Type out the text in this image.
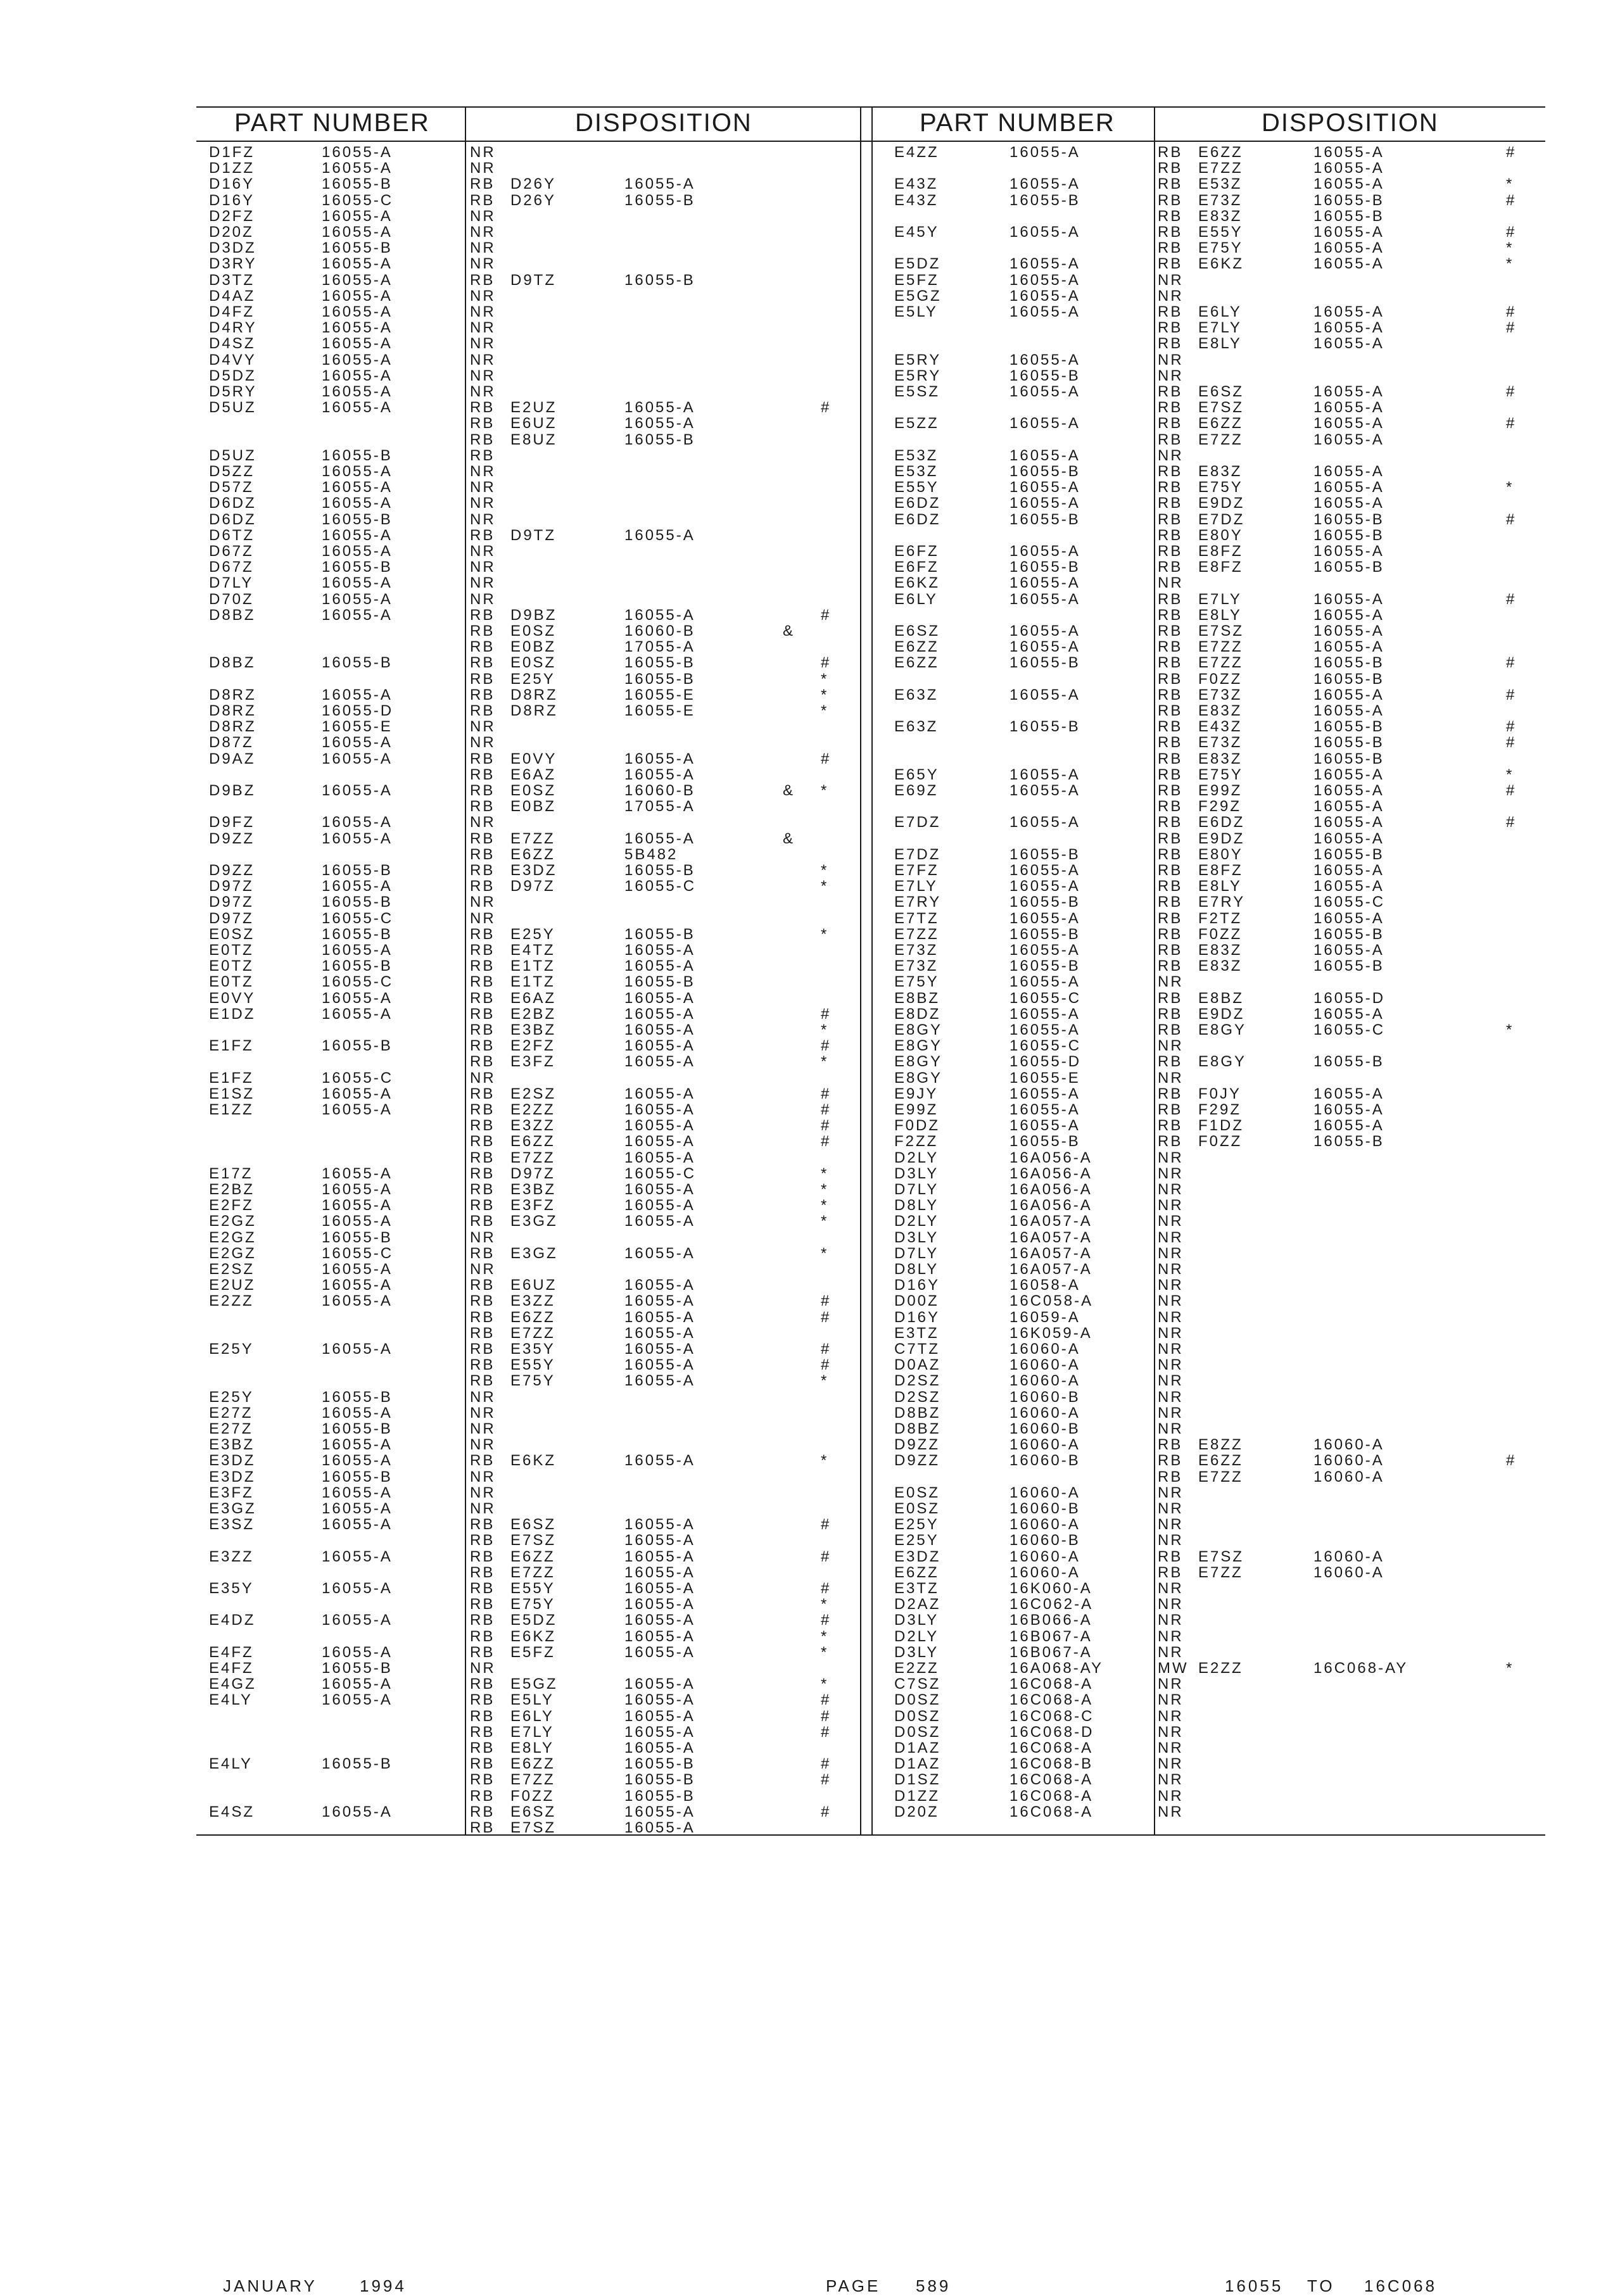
PART NUMBER	DISPOSITION	PART NUMBER	DISPOSITION
D1FZ	16055-A	NR
D1ZZ	16055-A	NR
D16Y	16055-B	RB D26Y	16055-A
D16Y	16055-C	RB D26Y	16055-B
D2FZ	16055-A	NR
D20Z	16055-A	NR
D3DZ	16055-B	NR
D3RY	16055-A	NR
D3TZ	16055-A	RB D9TZ	16055-B
D4AZ	16055-A	NR
D4FZ	16055-A	NR
D4RY	16055-A	NR
D4SZ	16055-A	NR
D4VY	16055-A	NR
D5DZ	16055-A	NR
D5RY	16055-A	NR
D5UZ	16055-A	RB E2UZ	16055-A	#
RB E6UZ	16055-A
RB E8UZ	16055-B
D5UZ	16055-B	RB
D5ZZ	16055-A	NR
D57Z	16055-A	NR
D6DZ	16055-A	NR
D6DZ	16055-B	NR
D6TZ	16055-A	RB D9TZ	16055-A
D67Z	16055-A	NR
D67Z	16055-B	NR
D7LY	16055-A	NR
D70Z	16055-A	NR
D8BZ	16055-A	RB D9BZ	16055-A	#
RB E0SZ	16060-B	&
RB E0BZ	17055-A
D8BZ	16055-B	RB E0SZ	16055-B	#
RB E25Y	16055-B	*
D8RZ	16055-A	RB D8RZ	16055-E	*
D8RZ	16055-D	RB D8RZ	16055-E	*
D8RZ	16055-E	NR
D87Z	16055-A	NR
D9AZ	16055-A	RB E0VY	16055-A	#
RB E6AZ	16055-A
D9BZ	16055-A	RB E0SZ	16060-B	& *
RB E0BZ	17055-A
D9FZ	16055-A	NR
D9ZZ	16055-A	RB E7ZZ	16055-A	&
RB E6ZZ	5B482
D9ZZ	16055-B	RB E3DZ	16055-B	*
D97Z	16055-A	RB D97Z	16055-C	*
D97Z	16055-B	NR
D97Z	16055-C	NR
E0SZ	16055-B	RB E25Y	16055-B	*
E0TZ	16055-A	RB E4TZ	16055-A
E0TZ	16055-B	RB E1TZ	16055-A
E0TZ	16055-C	RB E1TZ	16055-B
E0VY	16055-A	RB E6AZ	16055-A
E1DZ	16055-A	RB E2BZ	16055-A	#
RB E3BZ	16055-A	*
E1FZ	16055-B	RB E2FZ	16055-A	#
RB E3FZ	16055-A	*
E1FZ	16055-C	NR
E1SZ	16055-A	RB E2SZ	16055-A	#
E1ZZ	16055-A	RB E2ZZ	16055-A	#
RB E3ZZ	16055-A	#
RB E6ZZ	16055-A	#
RB E7ZZ	16055-A
E17Z	16055-A	RB D97Z	16055-C	*
E2BZ	16055-A	RB E3BZ	16055-A	*
E2FZ	16055-A	RB E3FZ	16055-A	*
E2GZ	16055-A	RB E3GZ	16055-A	*
E2GZ	16055-B	NR
E2GZ	16055-C	RB E3GZ	16055-A	*
E2SZ	16055-A	NR
E2UZ	16055-A	RB E6UZ	16055-A
E2ZZ	16055-A	RB E3ZZ	16055-A	#
RB E6ZZ	16055-A	#
RB E7ZZ	16055-A
E25Y	16055-A	RB E35Y	16055-A	#
RB E55Y	16055-A	#
RB E75Y	16055-A	*
E25Y	16055-B	NR
E27Z	16055-A	NR
E27Z	16055-B	NR
E3BZ	16055-A	NR
E3DZ	16055-A	RB E6KZ	16055-A	*
E3DZ	16055-B	NR
E3FZ	16055-A	NR
E3GZ	16055-A	NR
E3SZ	16055-A	RB E6SZ	16055-A	#
RB E7SZ	16055-A
E3ZZ	16055-A	RB E6ZZ	16055-A	#
RB E7ZZ	16055-A
E35Y	16055-A	RB E55Y	16055-A	#
RB E75Y	16055-A	*
E4DZ	16055-A	RB E5DZ	16055-A	#
RB E6KZ	16055-A	*
E4FZ	16055-A	RB E5FZ	16055-A	*
E4FZ	16055-B	NR
E4GZ	16055-A	RB E5GZ	16055-A	*
E4LY	16055-A	RB E5LY	16055-A	#
RB E6LY	16055-A	#
RB E7LY	16055-A	#
RB E8LY	16055-A
E4LY	16055-B	RB E6ZZ	16055-B	#
RB E7ZZ	16055-B	#
RB F0ZZ	16055-B
E4SZ	16055-A	RB E6SZ	16055-A	#
RB E7SZ	16055-A
E4ZZ	16055-A	RB E6ZZ	16055-A	#
RB E7ZZ	16055-A
E43Z	16055-A	RB E53Z	16055-A	*
E43Z	16055-B	RB E73Z	16055-B	#
RB E83Z	16055-B
E45Y	16055-A	RB E55Y	16055-A	#
RB E75Y	16055-A	*
E5DZ	16055-A	RB E6KZ	16055-A	*
E5FZ	16055-A	NR
E5GZ	16055-A	NR
E5LY	16055-A	RB E6LY	16055-A	#
RB E7LY	16055-A	#
RB E8LY	16055-A
E5RY	16055-A	NR
E5RY	16055-B	NR
E5SZ	16055-A	RB E6SZ	16055-A	#
RB E7SZ	16055-A
E5ZZ	16055-A	RB E6ZZ	16055-A	#
RB E7ZZ	16055-A
E53Z	16055-A	NR
E53Z	16055-B	RB E83Z	16055-A
E55Y	16055-A	RB E75Y	16055-A	*
E6DZ	16055-A	RB E9DZ	16055-A
E6DZ	16055-B	RB E7DZ	16055-B	#
RB E80Y	16055-B
E6FZ	16055-A	RB E8FZ	16055-A
E6FZ	16055-B	RB E8FZ	16055-B
E6KZ	16055-A	NR
E6LY	16055-A	RB E7LY	16055-A	#
RB E8LY	16055-A
E6SZ	16055-A	RB E7SZ	16055-A
E6ZZ	16055-A	RB E7ZZ	16055-A
E6ZZ	16055-B	RB E7ZZ	16055-B	#
RB F0ZZ	16055-B
E63Z	16055-A	RB E73Z	16055-A	#
RB E83Z	16055-A
E63Z	16055-B	RB E43Z	16055-B	#
RB E73Z	16055-B	#
RB E83Z	16055-B
E65Y	16055-A	RB E75Y	16055-A	*
E69Z	16055-A	RB E99Z	16055-A	#
RB F29Z	16055-A
E7DZ	16055-A	RB E6DZ	16055-A	#
RB E9DZ	16055-A
E7DZ	16055-B	RB E80Y	16055-B
E7FZ	16055-A	RB E8FZ	16055-A
E7LY	16055-A	RB E8LY	16055-A
E7RY	16055-B	RB E7RY	16055-C
E7TZ	16055-A	RB F2TZ	16055-A
E7ZZ	16055-B	RB F0ZZ	16055-B
E73Z	16055-A	RB E83Z	16055-A
E73Z	16055-B	RB E83Z	16055-B
E75Y	16055-A	NR
E8BZ	16055-C	RB E8BZ	16055-D
E8DZ	16055-A	RB E9DZ	16055-A
E8GY	16055-A	RB E8GY	16055-C	*
E8GY	16055-C	NR
E8GY	16055-D	RB E8GY	16055-B
E8GY	16055-E	NR
E9JY	16055-A	RB F0JY	16055-A
E99Z	16055-A	RB F29Z	16055-A
F0DZ	16055-A	RB F1DZ	16055-A
F2ZZ	16055-B	RB F0ZZ	16055-B
D2LY	16A056-A	NR
D3LY	16A056-A	NR
D7LY	16A056-A	NR
D8LY	16A056-A	NR
D2LY	16A057-A	NR
D3LY	16A057-A	NR
D7LY	16A057-A	NR
D8LY	16A057-A	NR
D16Y	16058-A	NR
D00Z	16C058-A	NR
D16Y	16059-A	NR
E3TZ	16K059-A	NR
C7TZ	16060-A	NR
D0AZ	16060-A	NR
D2SZ	16060-A	NR
D2SZ	16060-B	NR
D8BZ	16060-A	NR
D8BZ	16060-B	NR
D9ZZ	16060-A	RB E8ZZ	16060-A
D9ZZ	16060-B	RB E6ZZ	16060-A	#
RB E7ZZ	16060-A
E0SZ	16060-A	NR
E0SZ	16060-B	NR
E25Y	16060-A	NR
E25Y	16060-B	NR
E3DZ	16060-A	RB E7SZ	16060-A
E6ZZ	16060-A	RB E7ZZ	16060-A
E3TZ	16K060-A	NR
D2AZ	16C062-A	NR
D3LY	16B066-A	NR
D2LY	16B067-A	NR
D3LY	16B067-A	NR
E2ZZ	16A068-AY	MW E2ZZ	16C068-AY	*
C7SZ	16C068-A	NR
D0SZ	16C068-A	NR
D0SZ	16C068-C	NR
D0SZ	16C068-D	NR
D1AZ	16C068-A	NR
D1AZ	16C068-B	NR
D1SZ	16C068-A	NR
D1ZZ	16C068-A	NR
D20Z	16C068-A	NR
JANUARY	1994	PAGE 589	16055 TO 16C068
